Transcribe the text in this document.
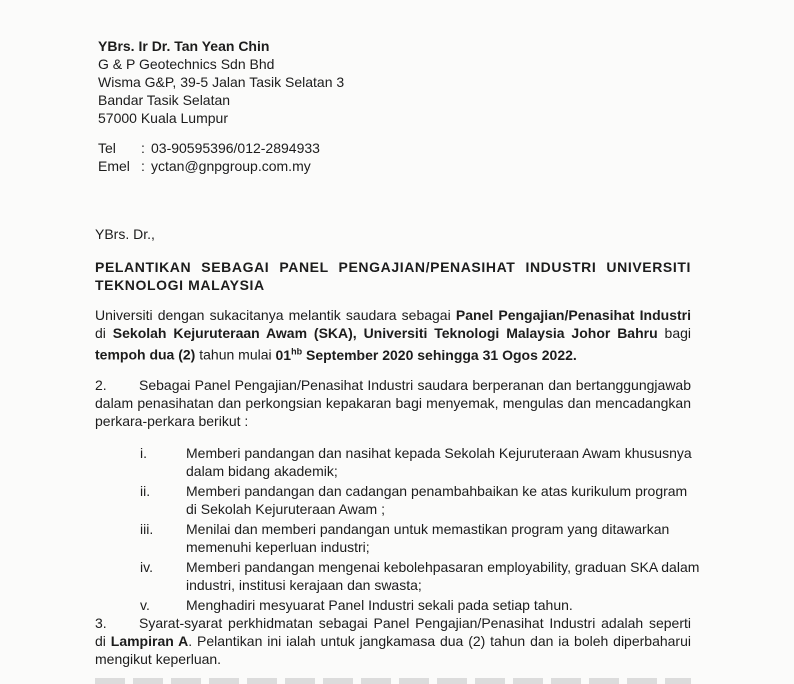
YBrs. Ir Dr. Tan Yean Chin
G & P Geotechnics Sdn Bhd
Wisma G&P, 39-5 Jalan Tasik Selatan 3
Bandar Tasik Selatan
57000 Kuala Lumpur
Tel	: 03-90595396/012-2894933
Emel : yctan@gnpgroup.com.my
YBrs. Dr.,
PELANTIKAN SEBAGAI PANEL PENGAJIAN/PENASIHAT INDUSTRI UNIVERSITI
TEKNOLOGI MALAYSIA
Universiti dengan sukacitanya melantik saudara sebagai Panel Pengajian/Penasihat Industri di Sekolah Kejuruteraan Awam (SKA), Universiti Teknologi Malaysia Johor Bahru bagi tempoh dua (2) tahun mulai $01^{hb}$ September 2020 sehingga 31 Ogos 2022.
2. Sebagai Panel Pengajian/Penasihat Industri saudara berperanan dan bertanggungjawab dalam penasihatan dan perkongsian kepakaran bagi menyemak, mengulas dan mencadangkan perkara-perkara berikut :
i.	Memberi pandangan dan nasihat kepada Sekolah Kejuruteraan Awam khususnya dalam bidang akademik;
ii.	Memberi pandangan dan cadangan penambahbaikan ke atas kurikulum program di Sekolah Kejuruteraan Awam ;
iii.	Menilai dan memberi pandangan untuk memastikan program yang ditawarkan memenuhi keperluan industri;
iv.	Memberi pandangan mengenai kebolehpasaran employability, graduan SKA dalam industri, institusi kerajaan dan swasta;
v.	Menghadiri mesyuarat Panel Industri sekali pada setiap tahun.
3. Syarat-syarat perkhidmatan sebagai Panel Pengajian/Penasihat Industri adalah seperti di Lampiran A. Pelantikan ini ialah untuk jangkamasa dua (2) tahun dan ia boleh diperbaharui mengikut keperluan.
